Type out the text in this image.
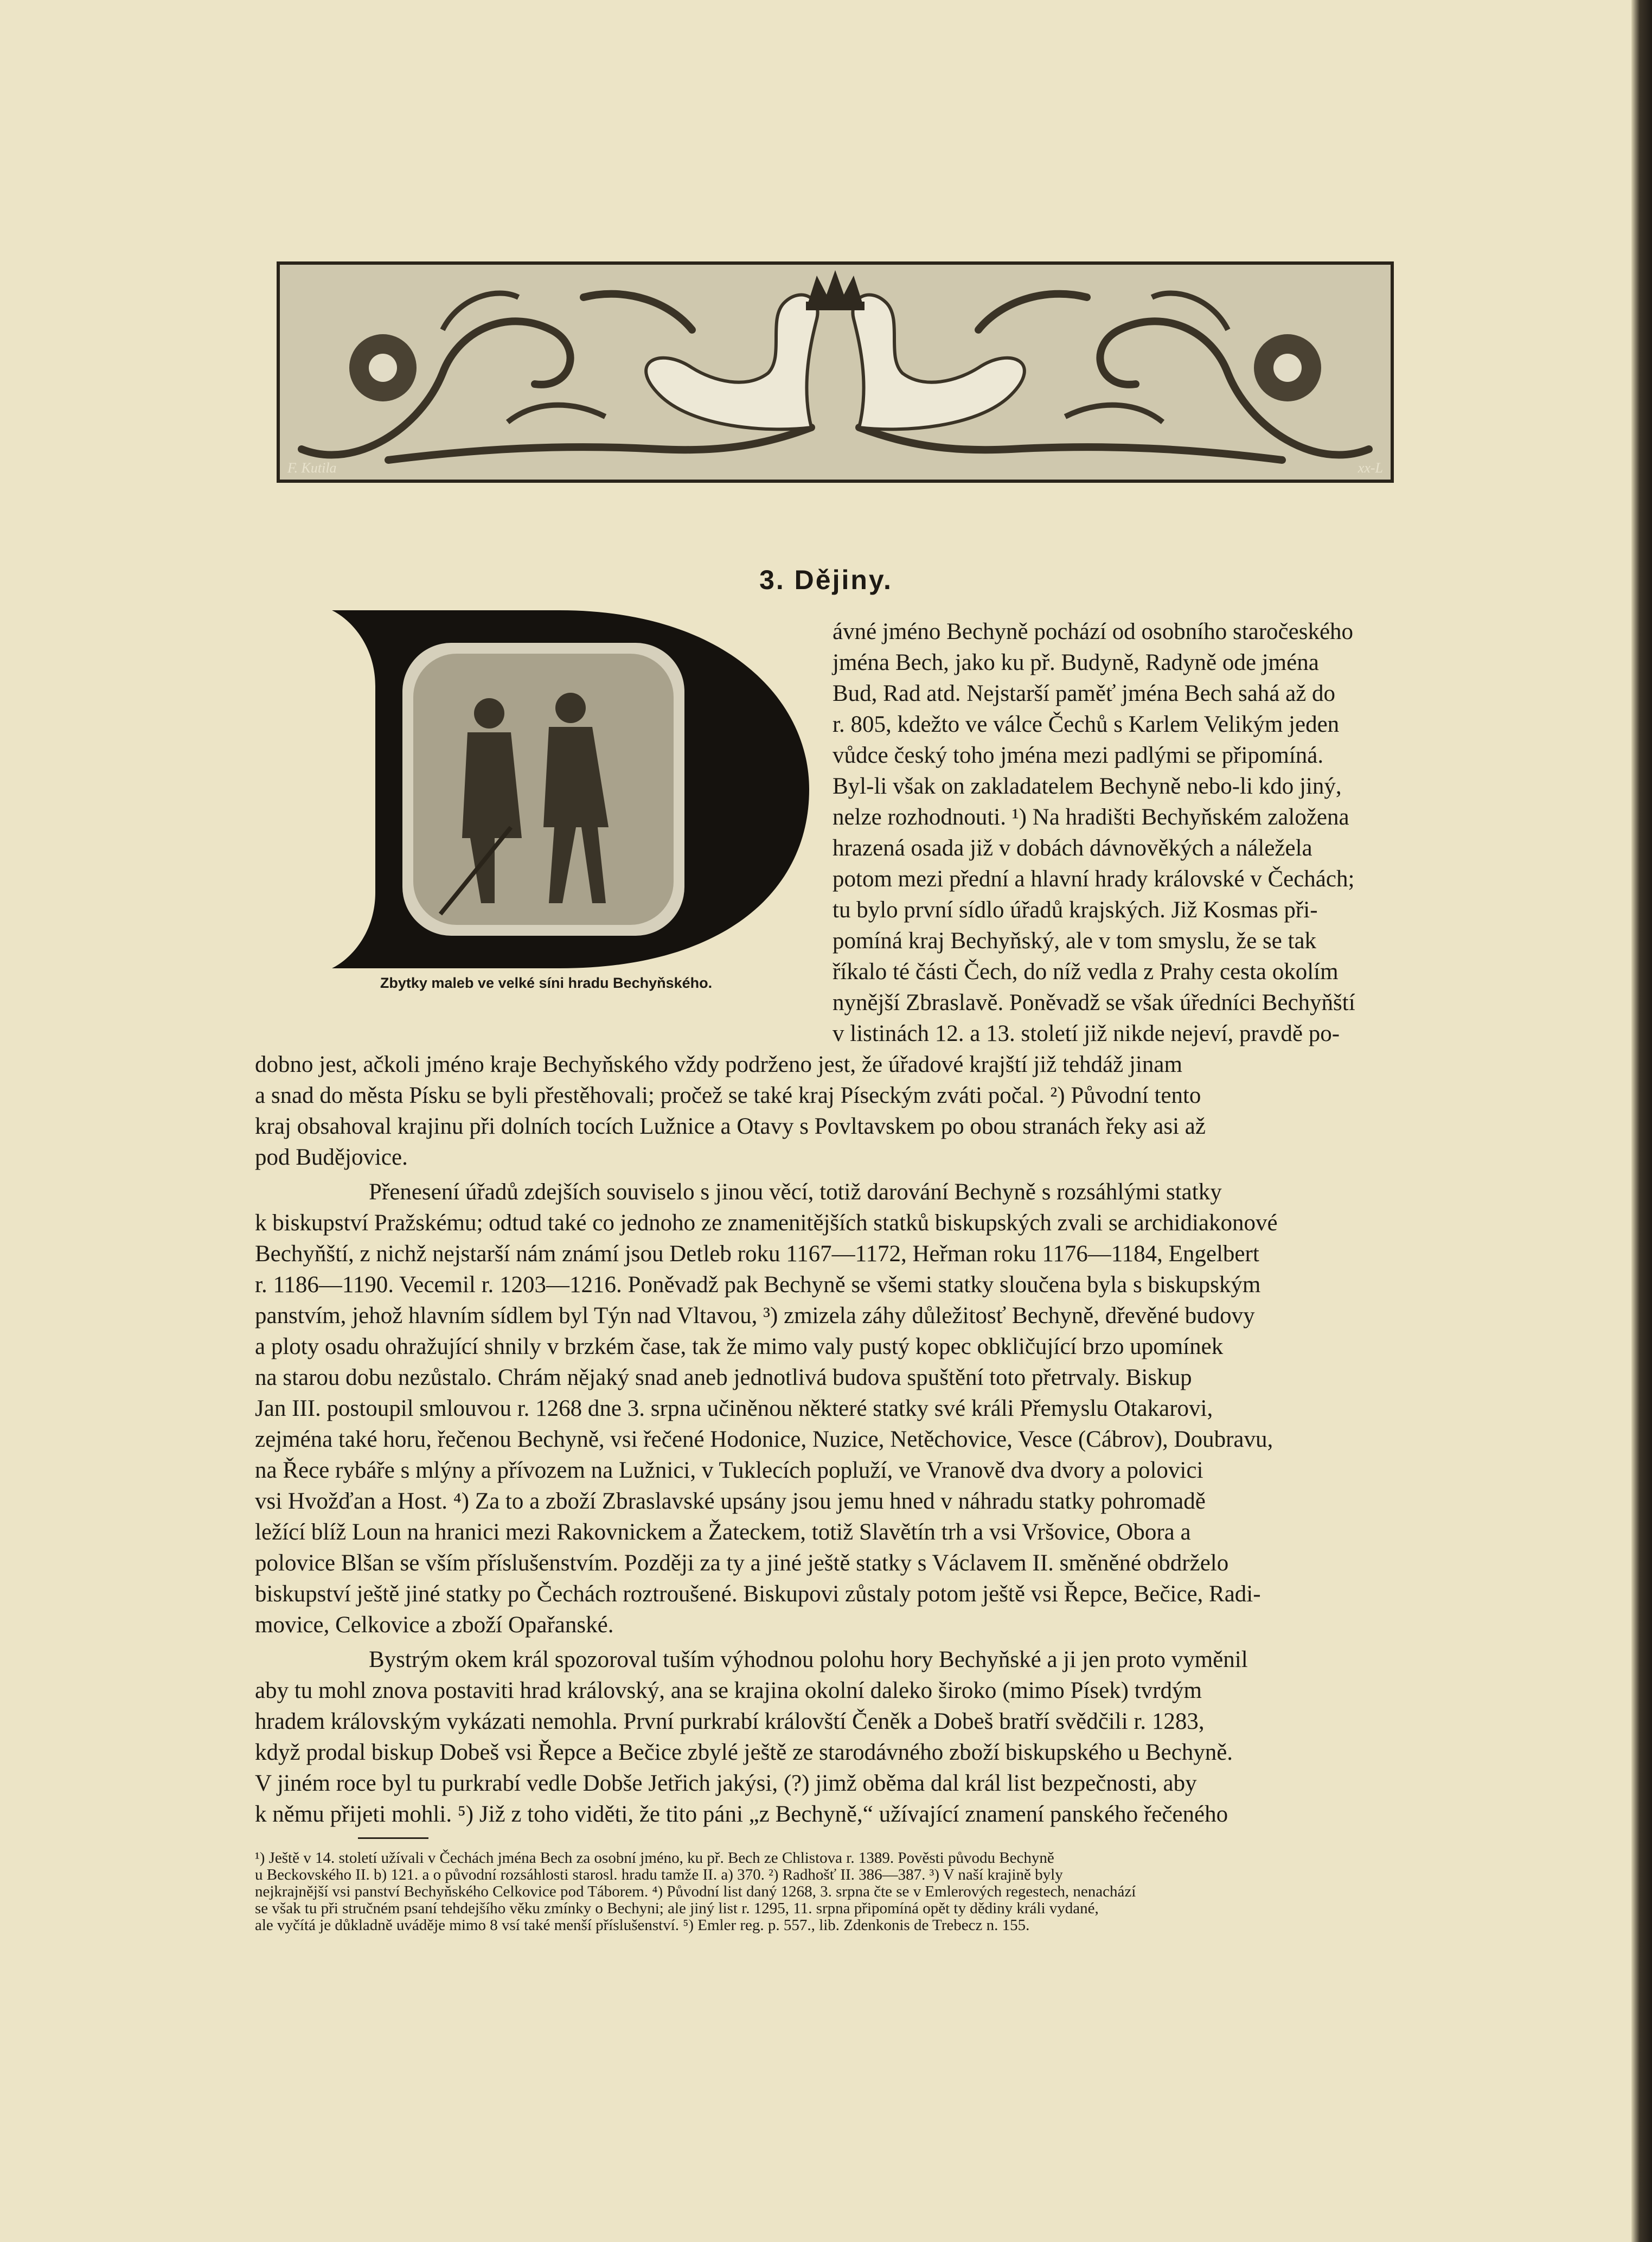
F. Kutila	xx-L
3. Dějiny.
Zbytky maleb ve velké síni hradu Bechyňského.
ávné jméno Bechyně pochází od osobního staročeského
jména Bech, jako ku př. Budyně, Radyně ode jména
Bud, Rad atd. Nejstarší paměť jména Bech sahá až do
r. 805, kdežto ve válce Čechů s Karlem Velikým jeden
vůdce český toho jména mezi padlými se připomíná.
Byl-li však on zakladatelem Bechyně nebo-li kdo jiný,
nelze rozhodnouti. ¹) Na hradišti Bechyňském založena
hrazená osada již v dobách dávnověkých a náležela
potom mezi přední a hlavní hrady královské v Čechách;
tu bylo první sídlo úřadů krajských. Již Kosmas při-
pomíná kraj Bechyňský, ale v tom smyslu, že se tak
říkalo té části Čech, do níž vedla z Prahy cesta okolím
nynější Zbraslavě. Poněvadž se však úředníci Bechyňští
v listinách 12. a 13. století již nikde nejeví, pravdě po-
dobno jest, ačkoli jméno kraje Bechyňského vždy podrženo jest, že úřadové krajští již tehdáž jinam
a snad do města Písku se byli přestěhovali; pročež se také kraj Píseckým zváti počal. ²) Původní tento
kraj obsahoval krajinu při dolních tocích Lužnice a Otavy s Povltavskem po obou stranách řeky asi až
pod Budějovice.
Přenesení úřadů zdejších souviselo s jinou věcí, totiž darování Bechyně s rozsáhlými statky
k biskupství Pražskému; odtud také co jednoho ze znamenitějších statků biskupských zvali se archidiakonové
Bechyňští, z nichž nejstarší nám známí jsou Detleb roku 1167—1172, Heřman roku 1176—1184, Engelbert
r. 1186—1190. Vecemil r. 1203—1216. Poněvadž pak Bechyně se všemi statky sloučena byla s biskupským
panstvím, jehož hlavním sídlem byl Týn nad Vltavou, ³) zmizela záhy důležitosť Bechyně, dřevěné budovy
a ploty osadu ohražující shnily v brzkém čase, tak že mimo valy pustý kopec obkličující brzo upomínek
na starou dobu nezůstalo. Chrám nějaký snad aneb jednotlivá budova spuštění toto přetrvaly. Biskup
Jan III. postoupil smlouvou r. 1268 dne 3. srpna učiněnou některé statky své králi Přemyslu Otakarovi,
zejména také horu, řečenou Bechyně, vsi řečené Hodonice, Nuzice, Netěchovice, Vesce (Cábrov), Doubravu,
na Řece rybáře s mlýny a přívozem na Lužnici, v Tuklecích popluží, ve Vranově dva dvory a polovici
vsi Hvožďan a Host. ⁴) Za to a zboží Zbraslavské upsány jsou jemu hned v náhradu statky pohromadě
ležící blíž Loun na hranici mezi Rakovnickem a Žateckem, totiž Slavětín trh a vsi Vršovice, Obora a
polovice Blšan se vším příslušenstvím. Později za ty a jiné ještě statky s Václavem II. směněné obdrželo
biskupství ještě jiné statky po Čechách roztroušené. Biskupovi zůstaly potom ještě vsi Řepce, Bečice, Radi-
movice, Celkovice a zboží Opařanské.
Bystrým okem král spozoroval tuším výhodnou polohu hory Bechyňské a ji jen proto vyměnil
aby tu mohl znova postaviti hrad královský, ana se krajina okolní daleko široko (mimo Písek) tvrdým
hradem královským vykázati nemohla. První purkrabí královští Čeněk a Dobeš bratří svědčili r. 1283,
když prodal biskup Dobeš vsi Řepce a Bečice zbylé ještě ze starodávného zboží biskupského u Bechyně.
V jiném roce byl tu purkrabí vedle Dobše Jetřich jakýsi, (?) jimž oběma dal král list bezpečnosti, aby
k němu přijeti mohli. ⁵) Již z toho viděti, že tito páni „z Bechyně,“ užívající znamení panského řečeného
¹) Ještě v 14. století užívali v Čechách jména Bech za osobní jméno, ku př. Bech ze Chlistova r. 1389. Pověsti původu Bechyně
u Beckovského II. b) 121. a o původní rozsáhlosti starosl. hradu tamže II. a) 370. ²) Radhošť II. 386—387. ³) V naší krajině byly
nejkrajnější vsi panství Bechyňského Celkovice pod Táborem. ⁴) Původní list daný 1268, 3. srpna čte se v Emlerových regestech, nenachází
se však tu při stručném psaní tehdejšího věku zmínky o Bechyni; ale jiný list r. 1295, 11. srpna připomíná opět ty dědiny králi vydané,
ale vyčítá je důkladně uváděje mimo 8 vsí také menší příslušenství. ⁵) Emler reg. p. 557., lib. Zdenkonis de Trebecz n. 155.
